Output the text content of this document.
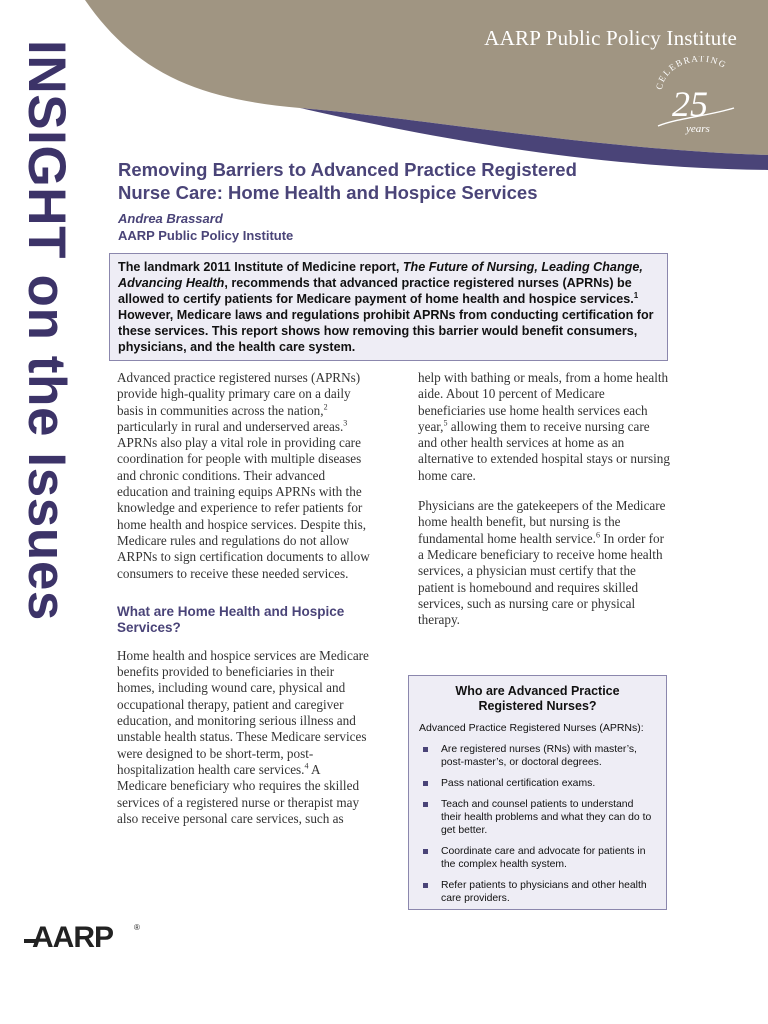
AARP Public Policy Institute
CELEBRATING
25
years
INSIGHT on the Issues Removing Barriers to Advanced Practice Registered
Nurse Care: Home Health and Hospice Services
Andrea Brassard
AARP Public Policy Institute
The landmark 2011 Institute of Medicine report, The Future of Nursing, Leading Change, Advancing Health, recommends that advanced practice registered nurses (APRNs) be allowed to certify patients for Medicare payment of home health and hospice services.$^1$ However, Medicare laws and regulations prohibit APRNs from conducting certification for these services. This report shows how removing this barrier would benefit consumers, physicians, and the health care system.

Advanced practice registered nurses (APRNs) provide high-quality primary care on a daily basis in communities across the nation,$^2$ particularly in rural and underserved areas.$^3$ APRNs also play a vital role in providing care coordination for people with multiple diseases and chronic conditions. Their advanced education and training equips APRNs with the knowledge and experience to refer patients for home health and hospice services. Despite this, Medicare rules and regulations do not allow ARPNs to sign certification documents to allow consumers to receive these needed services.

What are Home Health and Hospice Services?

Home health and hospice services are Medicare benefits provided to beneficiaries in their homes, including wound care, physical and occupational therapy, patient and caregiver education, and monitoring serious illness and unstable health status. These Medicare services were designed to be short-term, post-hospitalization health care services.$^4$ A Medicare beneficiary who requires the skilled services of a registered nurse or therapist may also receive personal care services, such as

help with bathing or meals, from a home health aide. About 10 percent of Medicare beneficiaries use home health services each year,$^5$ allowing them to receive nursing care and other health services at home as an alternative to extended hospital stays or nursing home care.

Physicians are the gatekeepers of the Medicare home health benefit, but nursing is the fundamental home health service.$^6$ In order for a Medicare beneficiary to receive home health services, a physician must certify that the patient is homebound and requires skilled services, such as nursing care or physical therapy.

Who are Advanced Practice Registered Nurses?
Advanced Practice Registered Nurses (APRNs):
Are registered nurses (RNs) with master’s, post-master’s, or doctoral degrees.
Pass national certification exams.
Teach and counsel patients to understand their health problems and what they can do to get better.
Coordinate care and advocate for patients in the complex health system.
Refer patients to physicians and other health care providers.
AARP	®
